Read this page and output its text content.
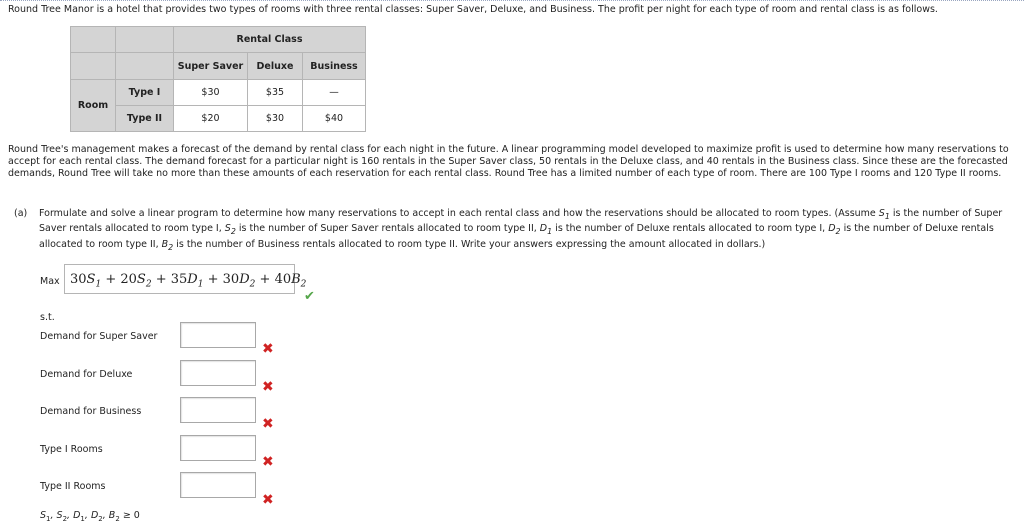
Round Tree Manor is a hotel that provides two types of rooms with three rental classes: Super Saver, Deluxe, and Business. The profit per night for each type of room and rental class is as follows.
		Rental Class		
		Super Saver	Deluxe	Business
Room	Type I	$30	$35	—
	Type II	$20	$30	$40
Round Tree's management makes a forecast of the demand by rental class for each night in the future. A linear programming model developed to maximize profit is used to determine how many reservations to accept for each rental class. The demand forecast for a particular night is 160 rentals in the Super Saver class, 50 rentals in the Deluxe class, and 40 rentals in the Business class. Since these are the forecasted demands, Round Tree will take no more than these amounts of each reservation for each rental class. Round Tree has a limited number of each type of room. There are 100 Type I rooms and 120 Type II rooms.
(a) Formulate and solve a linear program to determine how many reservations to accept in each rental class and how the reservations should be allocated to room types. (Assume $S_1$ is the number of Super Saver rentals allocated to room type I, $S_2$ is the number of Super Saver rentals allocated to room type II, $D_1$ is the number of Deluxe rentals allocated to room type I, $D_2$ is the number of Deluxe rentals allocated to room type II, $B_2$ is the number of Business rentals allocated to room type II. Write your answers expressing the amount allocated in dollars.)
Max $30S_1 + 20S_2 + 35D_1 + 30D_2 + 40B_2$
✔
s.t.
Demand for Super Saver
✖
Demand for Deluxe
✖
Demand for Business
✖
Type I Rooms
✖
Type II Rooms
✖
$S_1$, $S_2$, $D_1$, $D_2$, $B_2 \ge 0$
